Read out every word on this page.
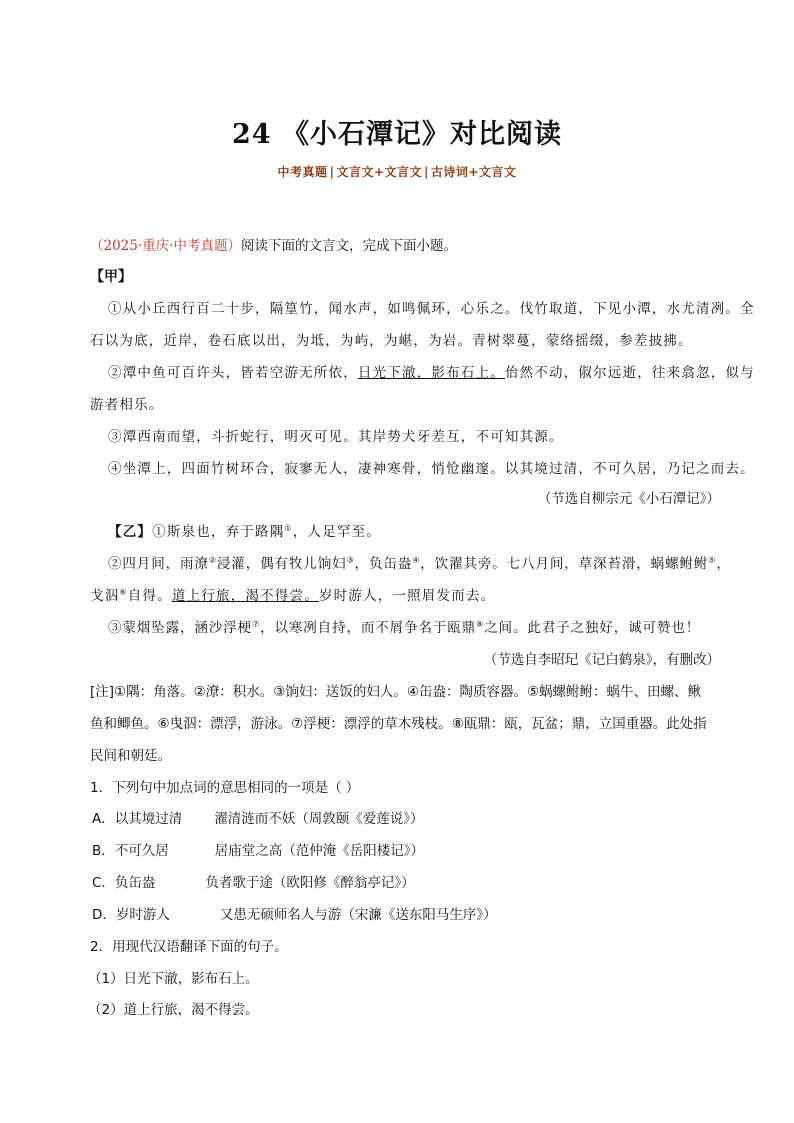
24 《小石潭记》对比阅读
中考真题 | 文言文+文言文 | 古诗词+文言文
（2025·重庆·中考真题）阅读下面的文言文，完成下面小题。
【甲】
①从小丘西行百二十步，隔篁竹，闻水声，如鸣佩环，心乐之。伐竹取道，下见小潭，水尤清冽。全
石以为底，近岸，卷石底以出，为坻，为屿，为嵁，为岩。青树翠蔓，蒙络摇缀，参差披拂。
②潭中鱼可百许头，皆若空游无所依，日光下澈，影布石上。佁然不动，俶尔远逝，往来翕忽，似与
游者相乐。
③潭西南而望，斗折蛇行，明灭可见。其岸势犬牙差互，不可知其源。
④坐潭上，四面竹树环合，寂寥无人，凄神寒骨，悄怆幽邃。以其境过清，不可久居，乃记之而去。
（节选自柳宗元《小石潭记》）
【乙】①斯泉也，弃于路隅①，人足罕至。
②四月间，雨潦②浸灌，偶有牧儿饷妇③，负缶盎④，饮濯其旁。七八月间，草深苔滑，蜗螺鲋鲋⑤，
戈泅⑥自得。道上行旅，渴不得尝。岁时游人，一照眉发而去。
③蒙烟坠露，涵沙浮梗⑦，以寒冽自持，而不屑争名于瓯鼎⑧之间。此君子之独好，诚可赞也！
（节选自李昭玘《记白鹤泉》，有删改）
[注]①隅：角落。②潦：积水。③饷妇：送饭的妇人。④缶盎：陶质容器。⑤蜗螺鲋鲋：蜗牛、田螺、鳅
鱼和鲫鱼。⑥曳泅：漂浮，游泳。⑦浮梗：漂浮的草木残枝。⑧瓯鼎：瓯，瓦盆；鼎，立国重器。此处指
民间和朝廷。
1．下列句中加点词的意思相同的一项是（ ）
A．以其境过清 濯清涟而不妖（周敦颐《爱莲说》）
B．不可久居	居庙堂之高（范仲淹《岳阳楼记》）
C．负缶盎	负者歌于途（欧阳修《醉翁亭记》）
D．岁时游人	又患无硕师名人与游（宋濂《送东阳马生序》）
2．用现代汉语翻译下面的句子。
（1）日光下澈，影布石上。
（2）道上行旅，渴不得尝。
